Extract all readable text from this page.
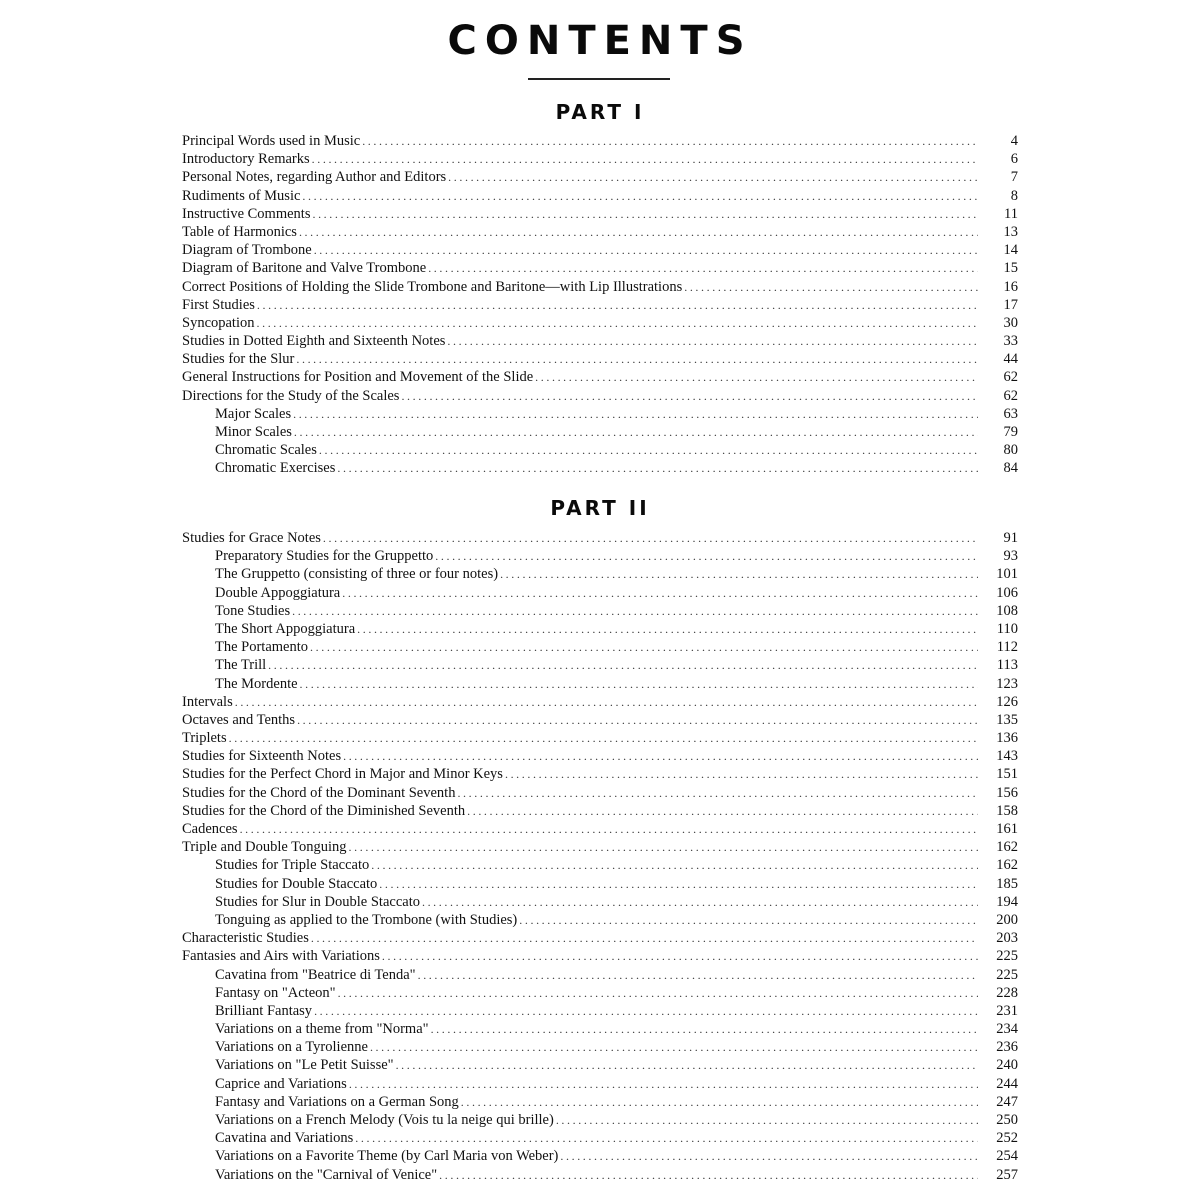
CONTENTS
PART I
Principal Words used in Music . . .	4
Introductory Remarks . . .	6
Personal Notes, regarding Author and Editors . . .	7
Rudiments of Music . . .	8
Instructive Comments . . .	11
Table of Harmonics . . .	13
Diagram of Trombone . . .	14
Diagram of Baritone and Valve Trombone . . .	15
Correct Positions of Holding the Slide Trombone and Baritone—with Lip Illustrations . . .	16
First Studies . . .	17
Syncopation . . .	30
Studies in Dotted Eighth and Sixteenth Notes . . .	33
Studies for the Slur . . .	44
General Instructions for Position and Movement of the Slide . . .	62
Directions for the Study of the Scales . . .	62
Major Scales . . .	63
Minor Scales . . .	79
Chromatic Scales . . .	80
Chromatic Exercises . . .	84
PART II
Studies for Grace Notes . . .	91
Preparatory Studies for the Gruppetto . . .	93
The Gruppetto (consisting of three or four notes) . . .	101
Double Appoggiatura . . .	106
Tone Studies . . .	108
The Short Appoggiatura . . .	110
The Portamento . . .	112
The Trill . . .	113
The Mordente . . .	123
Intervals . . .	126
Octaves and Tenths . . .	135
Triplets . . .	136
Studies for Sixteenth Notes . . .	143
Studies for the Perfect Chord in Major and Minor Keys . . .	151
Studies for the Chord of the Dominant Seventh . . .	156
Studies for the Chord of the Diminished Seventh . . .	158
Cadences . . .	161
Triple and Double Tonguing . . .	162
Studies for Triple Staccato . . .	162
Studies for Double Staccato . . .	185
Studies for Slur in Double Staccato . . .	194
Tonguing as applied to the Trombone (with Studies) . . .	200
Characteristic Studies . . .	203
Fantasies and Airs with Variations . . .	225
Cavatina from "Beatrice di Tenda" . . .	225
Fantasy on "Acteon" . . .	228
Brilliant Fantasy . . .	231
Variations on a theme from "Norma" . . .	234
Variations on a Tyrolienne . . .	236
Variations on "Le Petit Suisse" . . .	240
Caprice and Variations . . .	244
Fantasy and Variations on a German Song . . .	247
Variations on a French Melody (Vois tu la neige qui brille) . . .	250
Cavatina and Variations . . .	252
Variations on a Favorite Theme (by Carl Maria von Weber) . . .	254
Variations on the "Carnival of Venice" . . .	257
